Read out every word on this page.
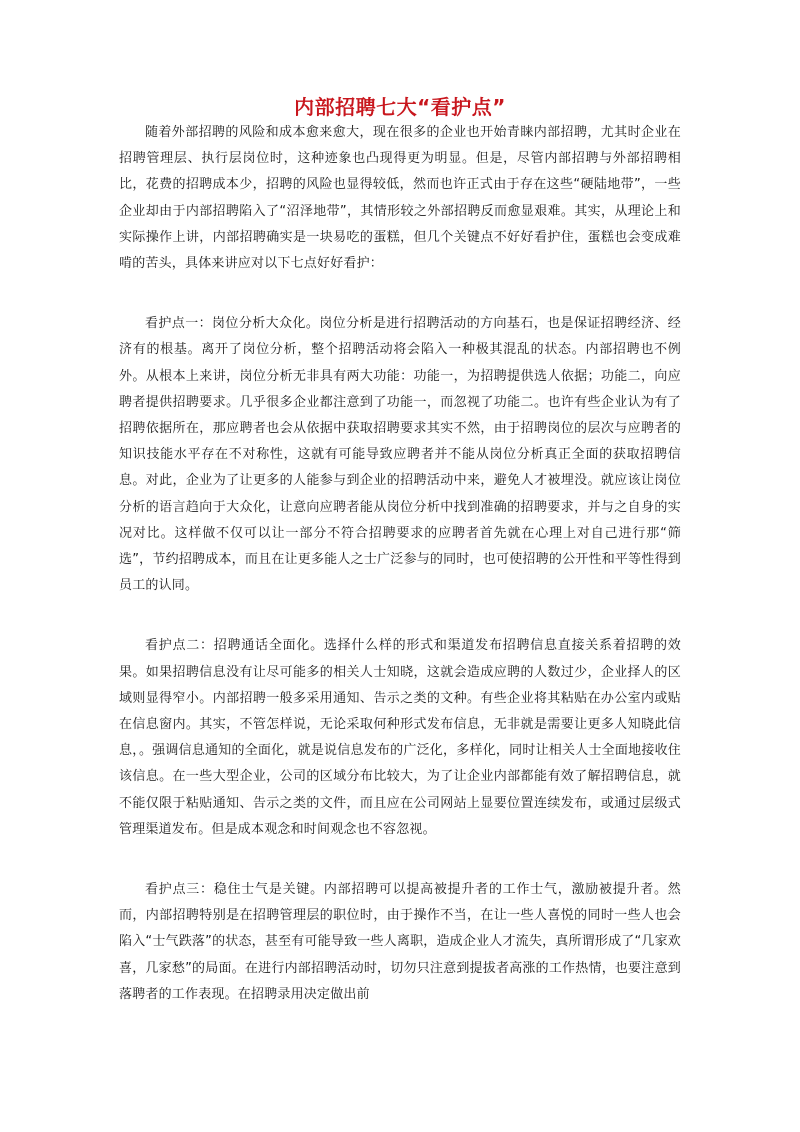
内部招聘七大“看护点”

随着外部招聘的风险和成本愈来愈大，现在很多的企业也开始青睐内部招聘，尤其时企业在招聘管理层、执行层岗位时，这种迹象也凸现得更为明显。但是，尽管内部招聘与外部招聘相比，花费的招聘成本少，招聘的风险也显得较低，然而也许正式由于存在这些“硬陆地带”，一些企业却由于内部招聘陷入了“沼泽地带”，其情形较之外部招聘反而愈显艰难。其实，从理论上和实际操作上讲，内部招聘确实是一块易吃的蛋糕，但几个关键点不好好看护住，蛋糕也会变成难啃的苦头，具体来讲应对以下七点好好看护：

看护点一：岗位分析大众化。岗位分析是进行招聘活动的方向基石，也是保证招聘经济、经济有的根基。离开了岗位分析，整个招聘活动将会陷入一种极其混乱的状态。内部招聘也不例外。从根本上来讲，岗位分析无非具有两大功能：功能一，为招聘提供选人依据；功能二，向应聘者提供招聘要求。几乎很多企业都注意到了功能一，而忽视了功能二。也许有些企业认为有了招聘依据所在，那应聘者也会从依据中获取招聘要求其实不然，由于招聘岗位的层次与应聘者的知识技能水平存在不对称性，这就有可能导致应聘者并不能从岗位分析真正全面的获取招聘信息。对此，企业为了让更多的人能参与到企业的招聘活动中来，避免人才被埋没。就应该让岗位分析的语言趋向于大众化，让意向应聘者能从岗位分析中找到准确的招聘要求，并与之自身的实况对比。这样做不仅可以让一部分不符合招聘要求的应聘者首先就在心理上对自己进行那“筛选”，节约招聘成本，而且在让更多能人之士广泛参与的同时，也可使招聘的公开性和平等性得到员工的认同。

看护点二：招聘通话全面化。选择什么样的形式和渠道发布招聘信息直接关系着招聘的效果。如果招聘信息没有让尽可能多的相关人士知晓，这就会造成应聘的人数过少，企业择人的区域则显得窄小。内部招聘一般多采用通知、告示之类的文种。有些企业将其粘贴在办公室内或贴在信息窗内。其实，不管怎样说，无论采取何种形式发布信息，无非就是需要让更多人知晓此信息，。强调信息通知的全面化，就是说信息发布的广泛化，多样化，同时让相关人士全面地接收住该信息。在一些大型企业，公司的区域分布比较大，为了让企业内部都能有效了解招聘信息，就不能仅限于粘贴通知、告示之类的文件，而且应在公司网站上显要位置连续发布，或通过层级式管理渠道发布。但是成本观念和时间观念也不容忽视。

看护点三：稳住士气是关键。内部招聘可以提高被提升者的工作士气，激励被提升者。然而，内部招聘特别是在招聘管理层的职位时，由于操作不当，在让一些人喜悦的同时一些人也会陷入“士气跌落”的状态，甚至有可能导致一些人离职，造成企业人才流失，真所谓形成了“几家欢喜，几家愁”的局面。在进行内部招聘活动时，切勿只注意到提拔者高涨的工作热情，也要注意到落聘者的工作表现。在招聘录用决定做出前
